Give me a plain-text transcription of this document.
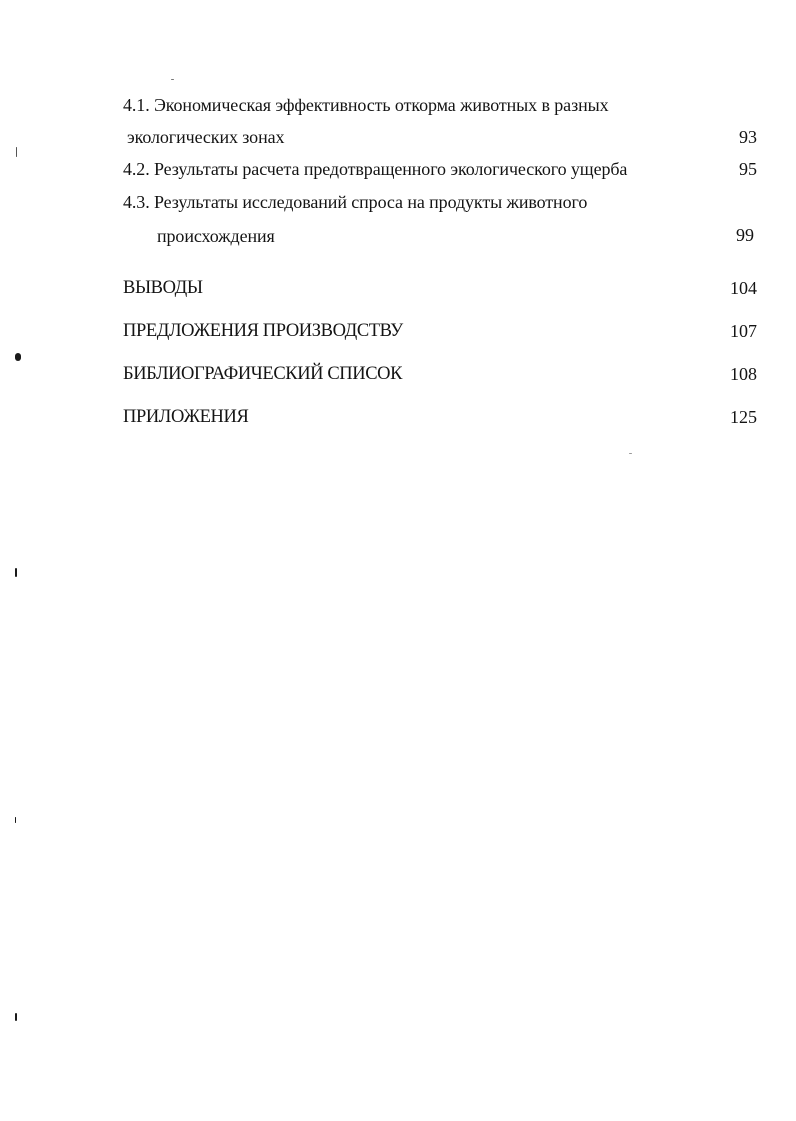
4.1. Экономическая эффективность откорма животных в разных
экологических зонах	93
4.2. Результаты расчета предотвращенного экологического ущерба	95
4.3. Результаты исследований спроса на продукты животного
происхождения	99
ВЫВОДЫ	104
ПРЕДЛОЖЕНИЯ ПРОИЗВОДСТВУ	107
БИБЛИОГРАФИЧЕСКИЙ СПИСОК	108
ПРИЛОЖЕНИЯ	125
